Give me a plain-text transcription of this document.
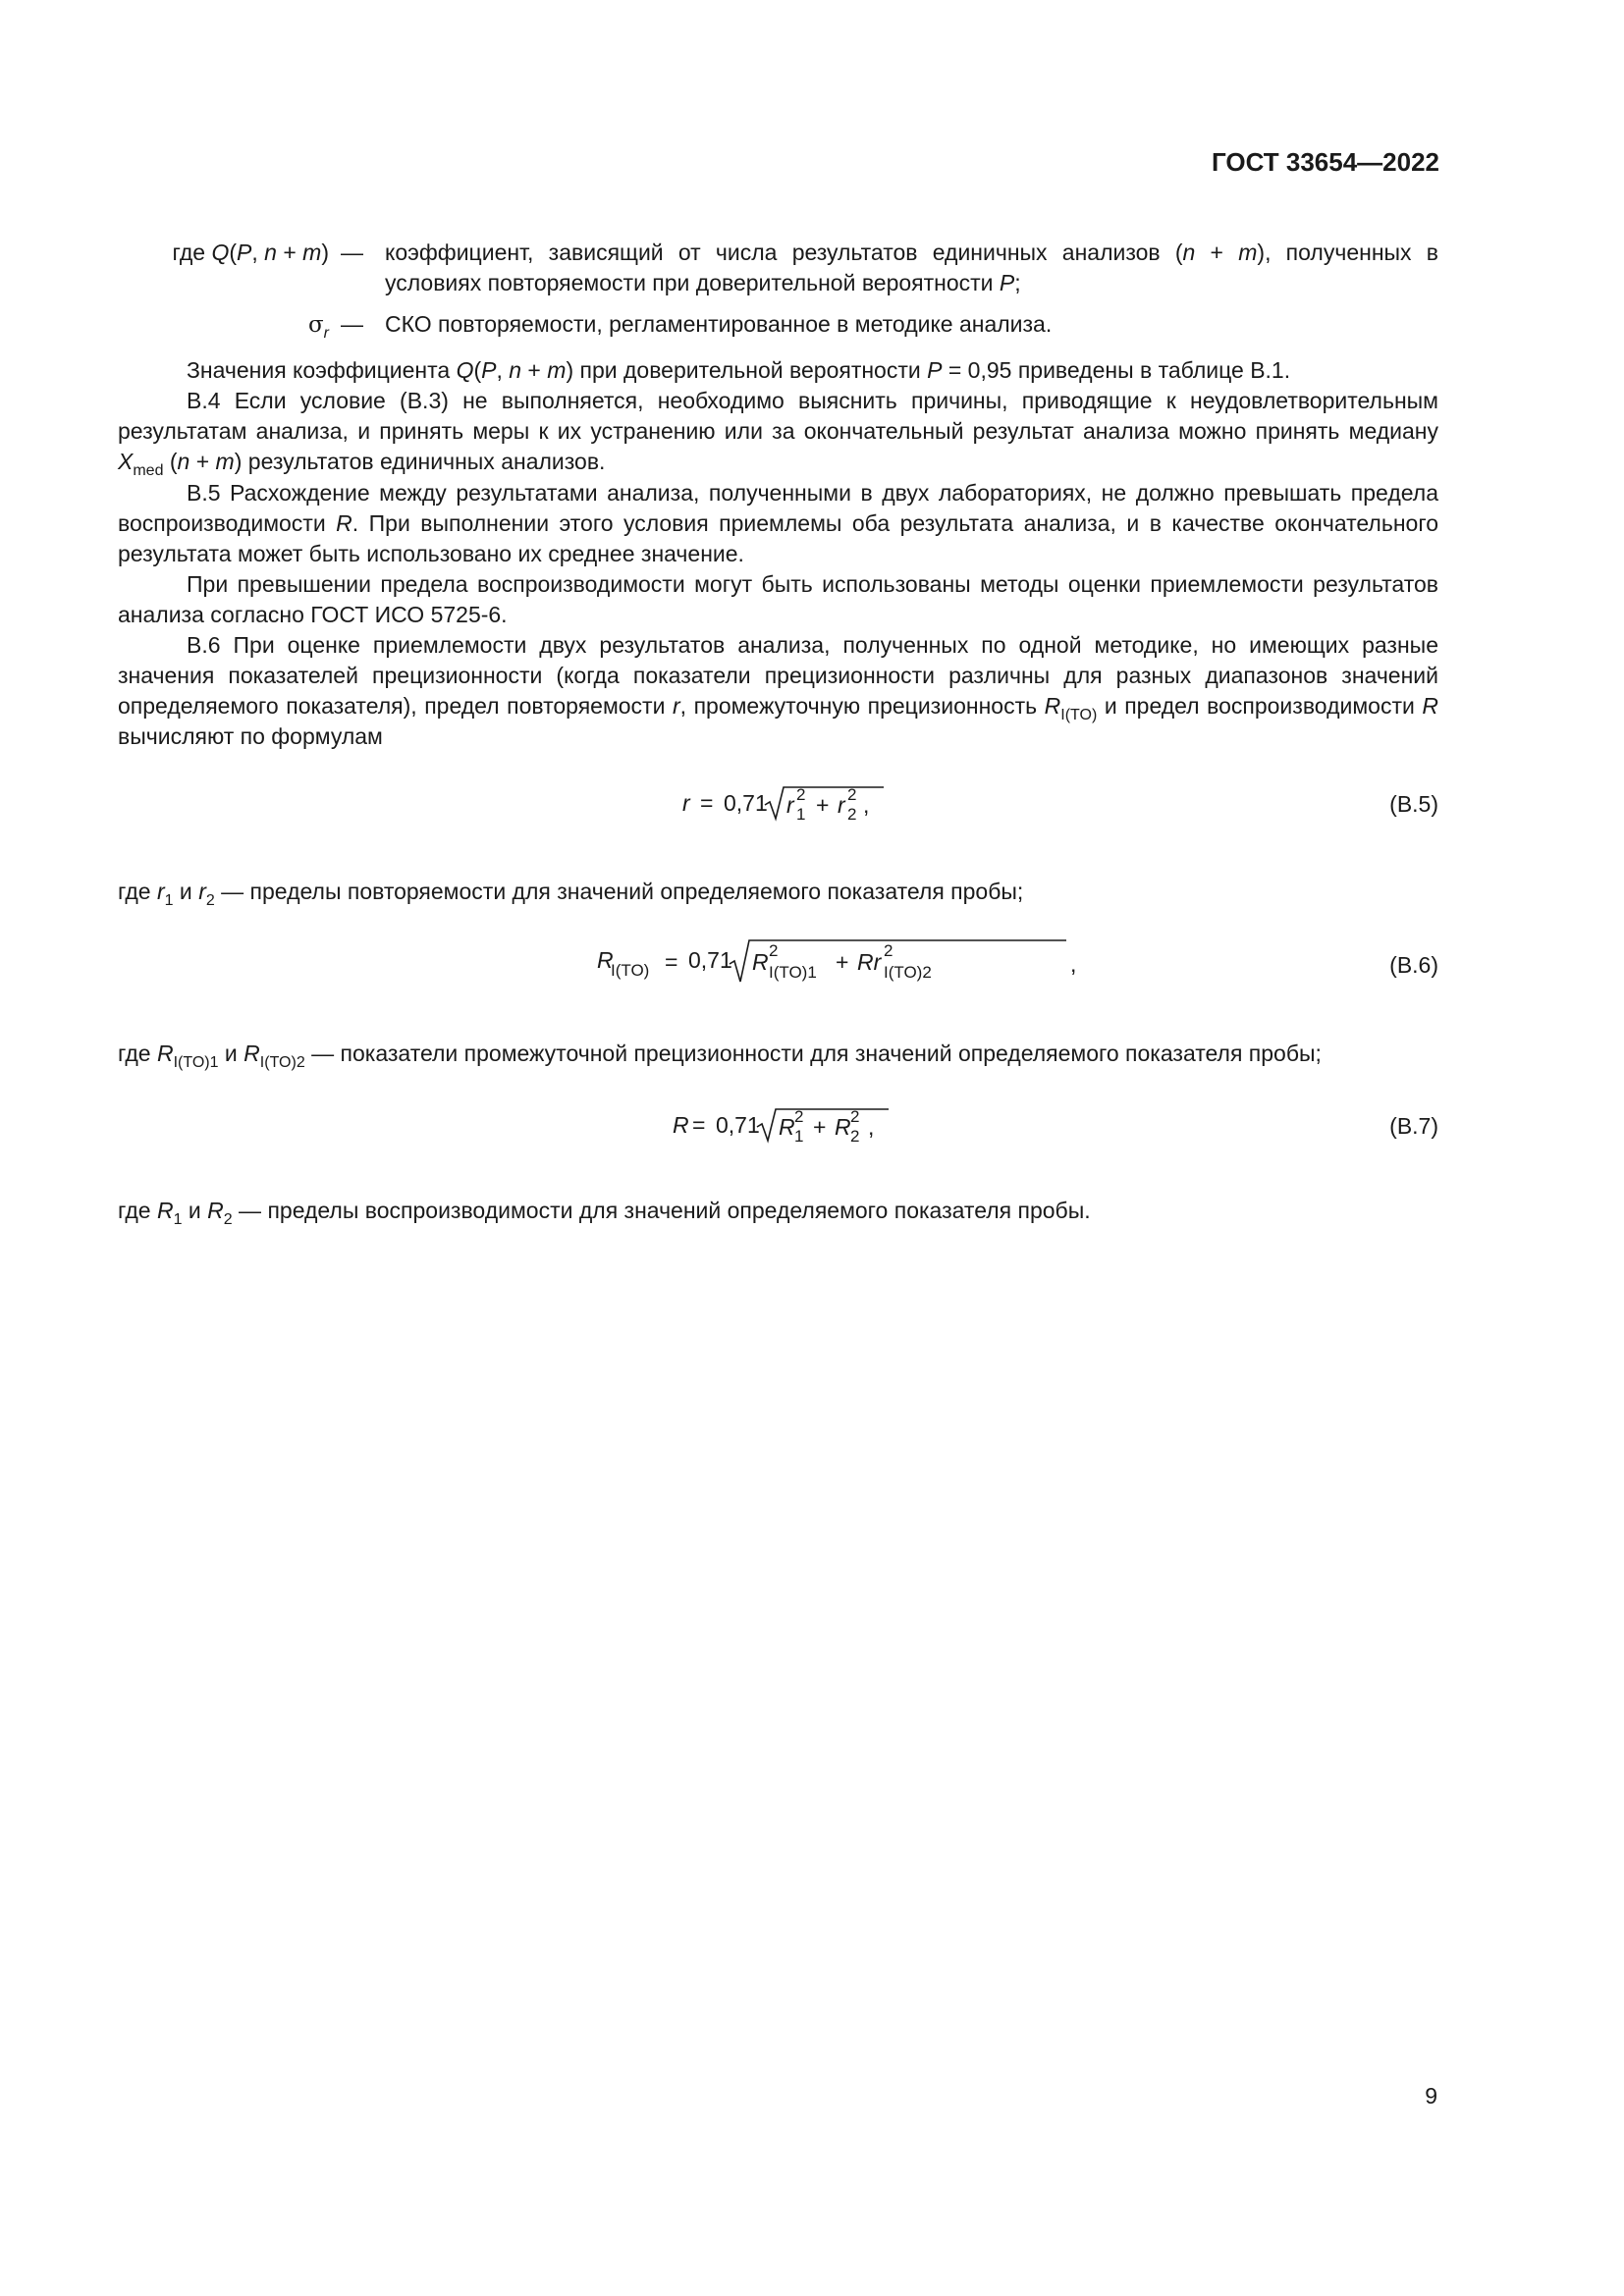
ГОСТ 33654—2022
где Q(P, n + m) — коэффициент, зависящий от числа результатов единичных анализов (n + m), полученных в условиях повторяемости при доверительной вероятности P;
$\sigma_r$ — СКО повторяемости, регламентированное в методике анализа.

Значения коэффициента Q(P, n + m) при доверительной вероятности P = 0,95 приведены в таблице В.1.

В.4 Если условие (В.3) не выполняется, необходимо выяснить причины, приводящие к неудовлетворительным результатам анализа, и принять меры к их устранению или за окончательный результат анализа можно принять медиану $X_{med}$ (n + m) результатов единичных анализов.

В.5 Расхождение между результатами анализа, полученными в двух лабораториях, не должно превышать предела воспроизводимости R. При выполнении этого условия приемлемы оба результата анализа, и в качестве окончательного результата может быть использовано их среднее значение.

При превышении предела воспроизводимости могут быть использованы методы оценки приемлемости результатов анализа согласно ГОСТ ИСО 5725-6.

В.6 При оценке приемлемости двух результатов анализа, полученных по одной методике, но имеющих разные значения показателей прецизионности (когда показатели прецизионности различны для разных диапазонов значений определяемого показателя), предел повторяемости r, промежуточную прецизионность $R_{I(TO)}$ и предел воспроизводимости R вычисляют по формулам

r = 0,71 r 2
1 + r 2
2 ,	(В.5)

где $r_1$ и $r_2$ — пределы повторяемости для значений определяемого показателя пробы;

R
I(TO) = 0,71 R 2
I(TO)1 + Rr 2
I(TO)2	,	(В.6)

где $R_{I(TO)1}$ и $R_{I(TO)2}$ — показатели промежуточной прецизионности для значений определяемого показателя пробы;

R = 0,71 R 2
1 + R 2
2 ,	(В.7)

где $R_1$ и $R_2$ — пределы воспроизводимости для значений определяемого показателя пробы.

9
